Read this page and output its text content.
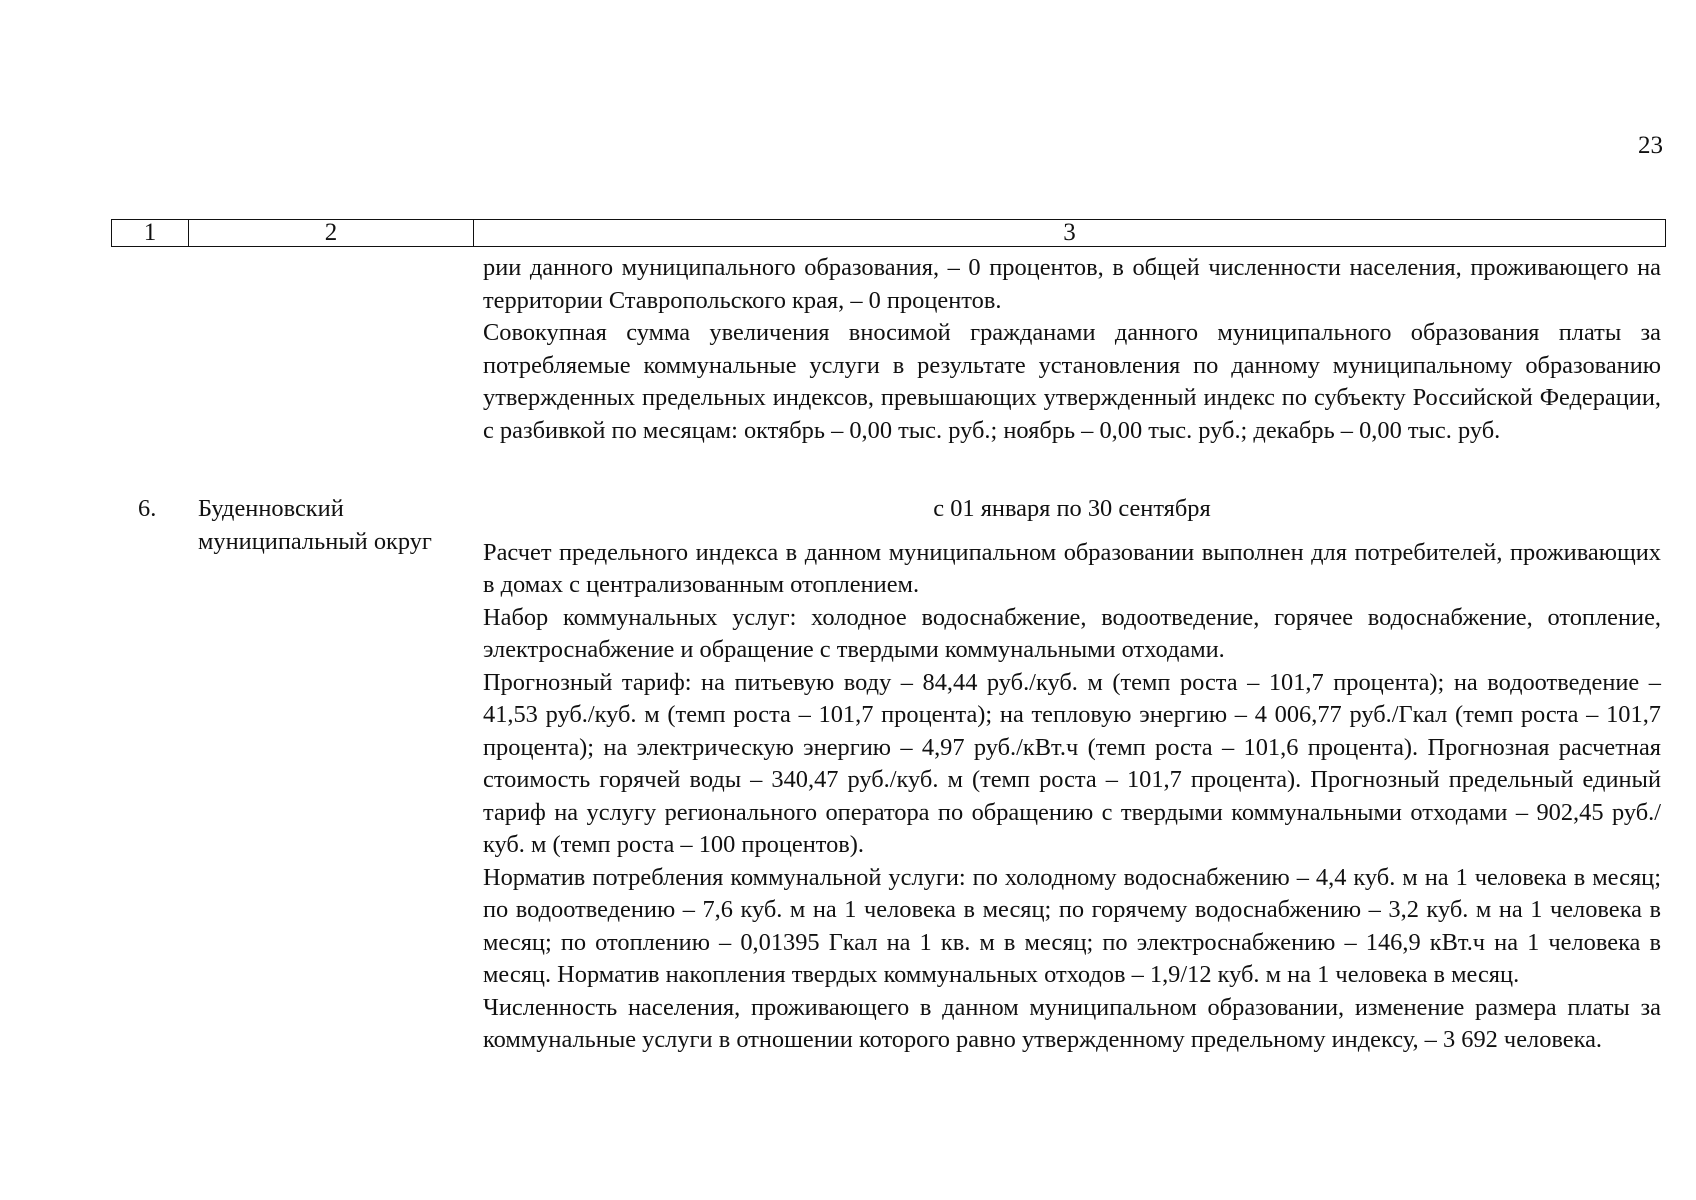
23
1	2	3

рии данного муниципального образования, – 0 процентов, в общей численности населения, проживающего на территории Ставропольского края, – 0 процентов.

Совокупная сумма увеличения вносимой гражданами данного муниципального образования платы за потребляемые коммунальные услуги в результате установления по данному муниципальному образованию утвержденных предельных индексов, превышающих утвержденный индекс по субъекту Российской Федерации, с разбивкой по месяцам: октябрь – 0,00 тыс. руб.; ноябрь – 0,00 тыс. руб.; декабрь – 0,00 тыс. руб.

6.	Буденновский муниципальный округ

с 01 января по 30 сентября

Расчет предельного индекса в данном муниципальном образовании выполнен для потребителей, проживающих в домах с централизованным отоплением.

Набор коммунальных услуг: холодное водоснабжение, водоотведение, горячее водоснабжение, отопление, электроснабжение и обращение с твердыми коммунальными отходами.

Прогнозный тариф: на питьевую воду – 84,44 руб./куб. м (темп роста – 101,7 процента); на водоотведение – 41,53 руб./куб. м (темп роста – 101,7 процента); на тепловую энергию – 4 006,77 руб./Гкал (темп роста – 101,7 процента); на электрическую энергию – 4,97 руб./кВт.ч (темп роста – 101,6 процента). Прогнозная расчетная стоимость горячей воды – 340,47 руб./куб. м (темп роста – 101,7 процента). Прогнозный предельный единый тариф на услугу регионального оператора по обращению с твердыми коммунальными отходами – 902,45 руб./куб. м (темп роста – 100 процентов).

Норматив потребления коммунальной услуги: по холодному водоснабжению – 4,4 куб. м на 1 человека в месяц; по водоотведению – 7,6 куб. м на 1 человека в месяц; по горячему водоснабжению – 3,2 куб. м на 1 человека в месяц; по отоплению – 0,01395 Гкал на 1 кв. м в месяц; по электроснабжению – 146,9 кВт.ч на 1 человека в месяц. Норматив накопления твердых коммунальных отходов – 1,9/12 куб. м на 1 человека в месяц.

Численность населения, проживающего в данном муниципальном образовании, изменение размера платы за коммунальные услуги в отношении которого равно утвержденному предельному индексу, – 3 692 человека.
